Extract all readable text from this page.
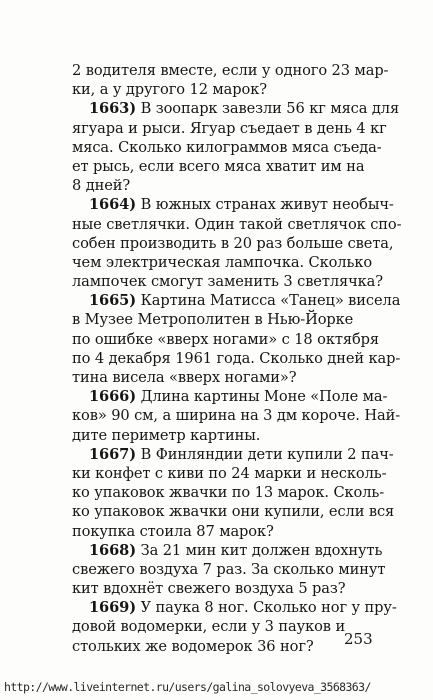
2 водителя вместе, если у одного 23 мар-
ки, а у другого 12 марок?
1663) В зоопарк завезли 56 кг мяса для
ягуара и рыси. Ягуар съедает в день 4 кг
мяса. Сколько килограммов мяса съеда-
ет рысь, если всего мяса хватит им на
8 дней?
1664) В южных странах живут необыч-
ные светлячки. Один такой светлячок спо-
собен производить в 20 раз больше света,
чем электрическая лампочка. Сколько
лампочек смогут заменить 3 светлячка?
1665) Картина Матисса «Танец» висела
в Музее Метрополитен в Нью-Йорке
по ошибке «вверх ногами» с 18 октября
по 4 декабря 1961 года. Сколько дней кар-
тина висела «вверх ногами»?
1666) Длина картины Моне «Поле ма-
ков» 90 см, а ширина на 3 дм короче. Най-
дите периметр картины.
1667) В Финляндии дети купили 2 пач-
ки конфет с киви по 24 марки и несколь-
ко упаковок жвачки по 13 марок. Сколь-
ко упаковок жвачки они купили, если вся
покупка стоила 87 марок?
1668) За 21 мин кит должен вдохнуть
свежего воздуха 7 раз. За сколько минут
кит вдохнёт свежего воздуха 5 раз?
1669) У паука 8 ног. Сколько ног у пру-
довой водомерки, если у 3 пауков и
стольких же водомерок 36 ног?	253
http://www.liveinternet.ru/users/galina_solovyeva_3568363/
